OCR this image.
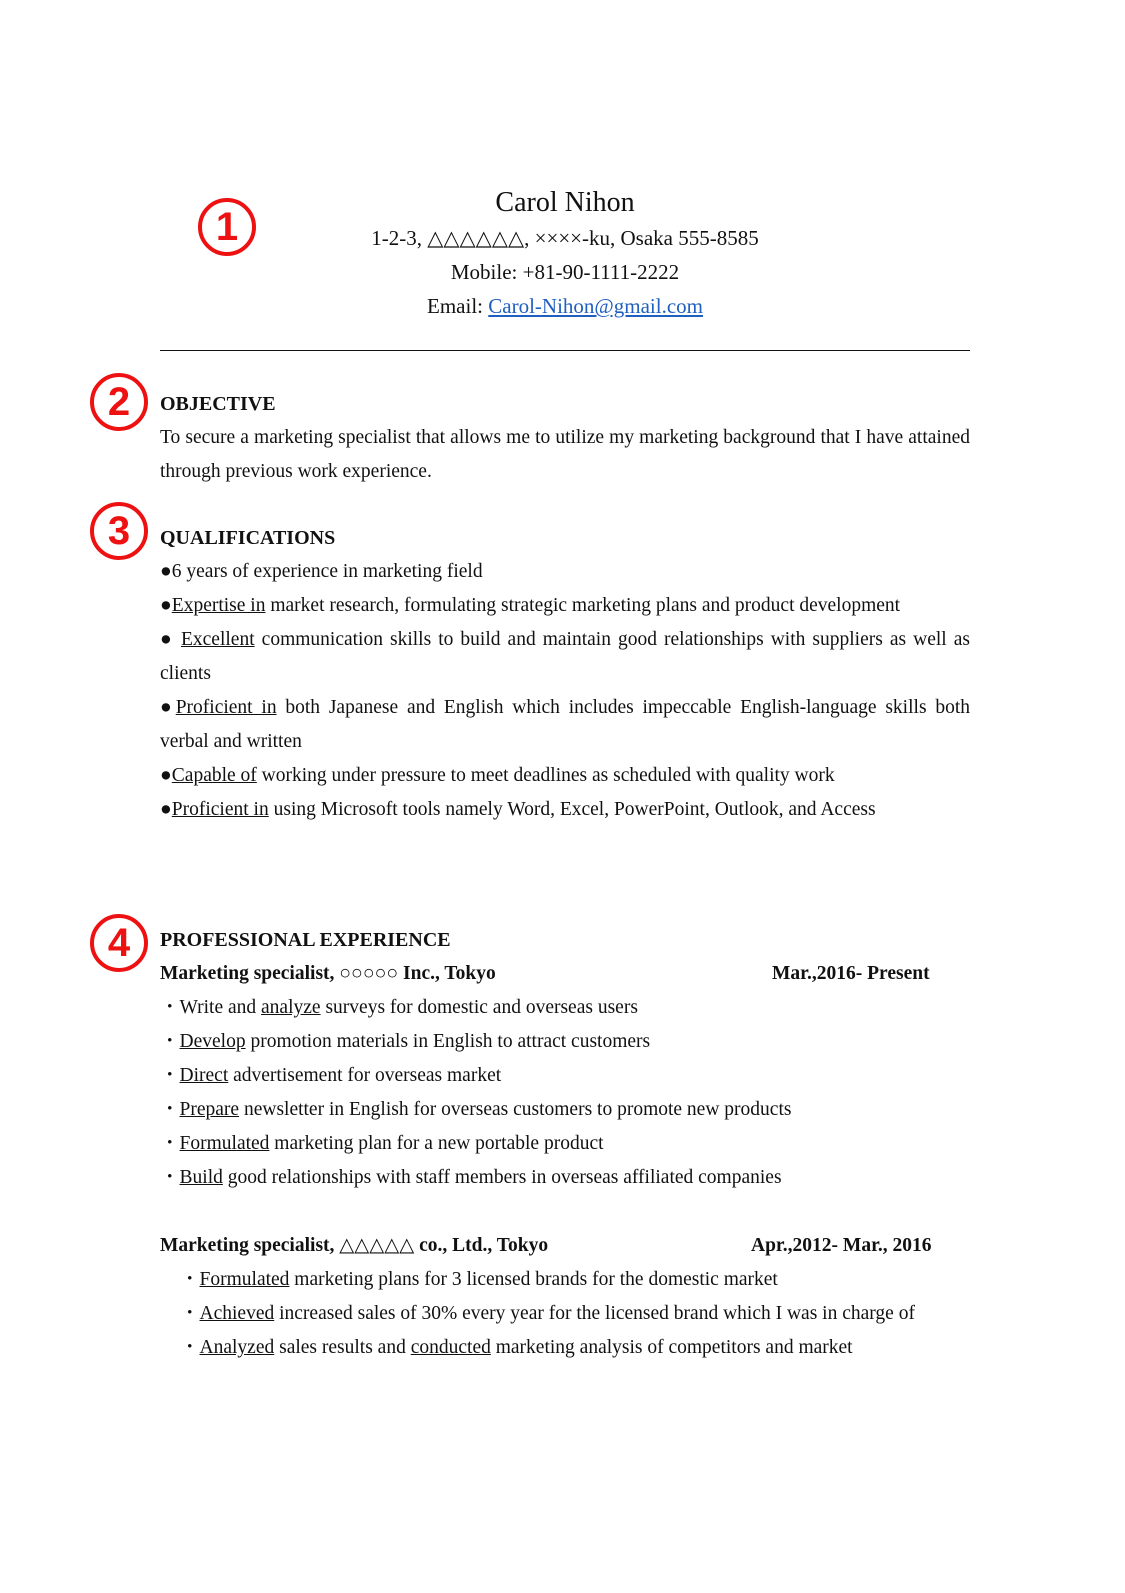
1
2
3
4
Carol Nihon
1-2-3, △△△△△△, ××××-ku, Osaka 555-8585
Mobile: +81-90-1111-2222
Email: Carol-Nihon@gmail.com
OBJECTIVE
To secure a marketing specialist that allows me to utilize my marketing background that I have attained through previous work experience.
QUALIFICATIONS
●6 years of experience in marketing field
●Expertise in market research, formulating strategic marketing plans and product development
● Excellent communication skills to build and maintain good relationships with suppliers as well as clients
●Proficient in both Japanese and English which includes impeccable English-language skills both verbal and written
●Capable of working under pressure to meet deadlines as scheduled with quality work
●Proficient in using Microsoft tools namely Word, Excel, PowerPoint, Outlook, and Access
PROFESSIONAL EXPERIENCE
Marketing specialist, ○○○○○ Inc., Tokyo	Mar.,2016- Present
・Write and analyze surveys for domestic and overseas users
・Develop promotion materials in English to attract customers
・Direct advertisement for overseas market
・Prepare newsletter in English for overseas customers to promote new products
・Formulated marketing plan for a new portable product
・Build good relationships with staff members in overseas affiliated companies
Marketing specialist, △△△△△ co., Ltd., Tokyo	Apr.,2012- Mar., 2016
・Formulated marketing plans for 3 licensed brands for the domestic market
・Achieved increased sales of 30% every year for the licensed brand which I was in charge of
・Analyzed sales results and conducted marketing analysis of competitors and market
